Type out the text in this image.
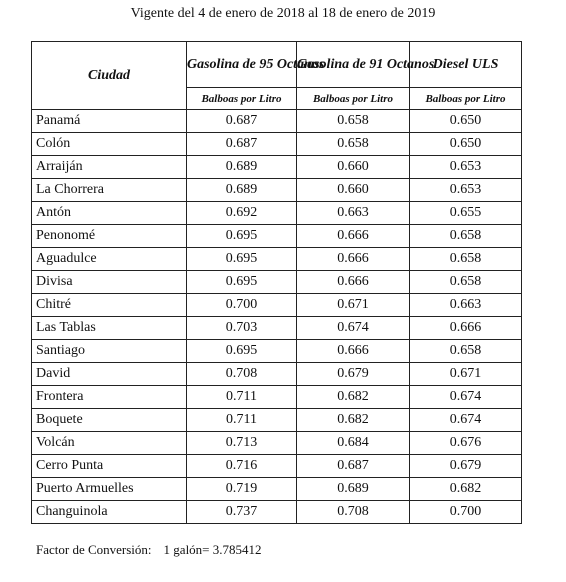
Vigente del 4 de enero de 2018 al 18 de enero de 2019
Ciudad	Gasolina de 95 Octanos	Gasolina de 91 Octanos	Diesel ULS
	Balboas por Litro	Balboas por Litro	Balboas por Litro
Panamá	0.687	0.658	0.650
Colón	0.687	0.658	0.650
Arraiján	0.689	0.660	0.653
La Chorrera	0.689	0.660	0.653
Antón	0.692	0.663	0.655
Penonomé	0.695	0.666	0.658
Aguadulce	0.695	0.666	0.658
Divisa	0.695	0.666	0.658
Chitré	0.700	0.671	0.663
Las Tablas	0.703	0.674	0.666
Santiago	0.695	0.666	0.658
David	0.708	0.679	0.671
Frontera	0.711	0.682	0.674
Boquete	0.711	0.682	0.674
Volcán	0.713	0.684	0.676
Cerro Punta	0.716	0.687	0.679
Puerto Armuelles	0.719	0.689	0.682
Changuinola	0.737	0.708	0.700
Factor de Conversión: 1 galón= 3.785412
